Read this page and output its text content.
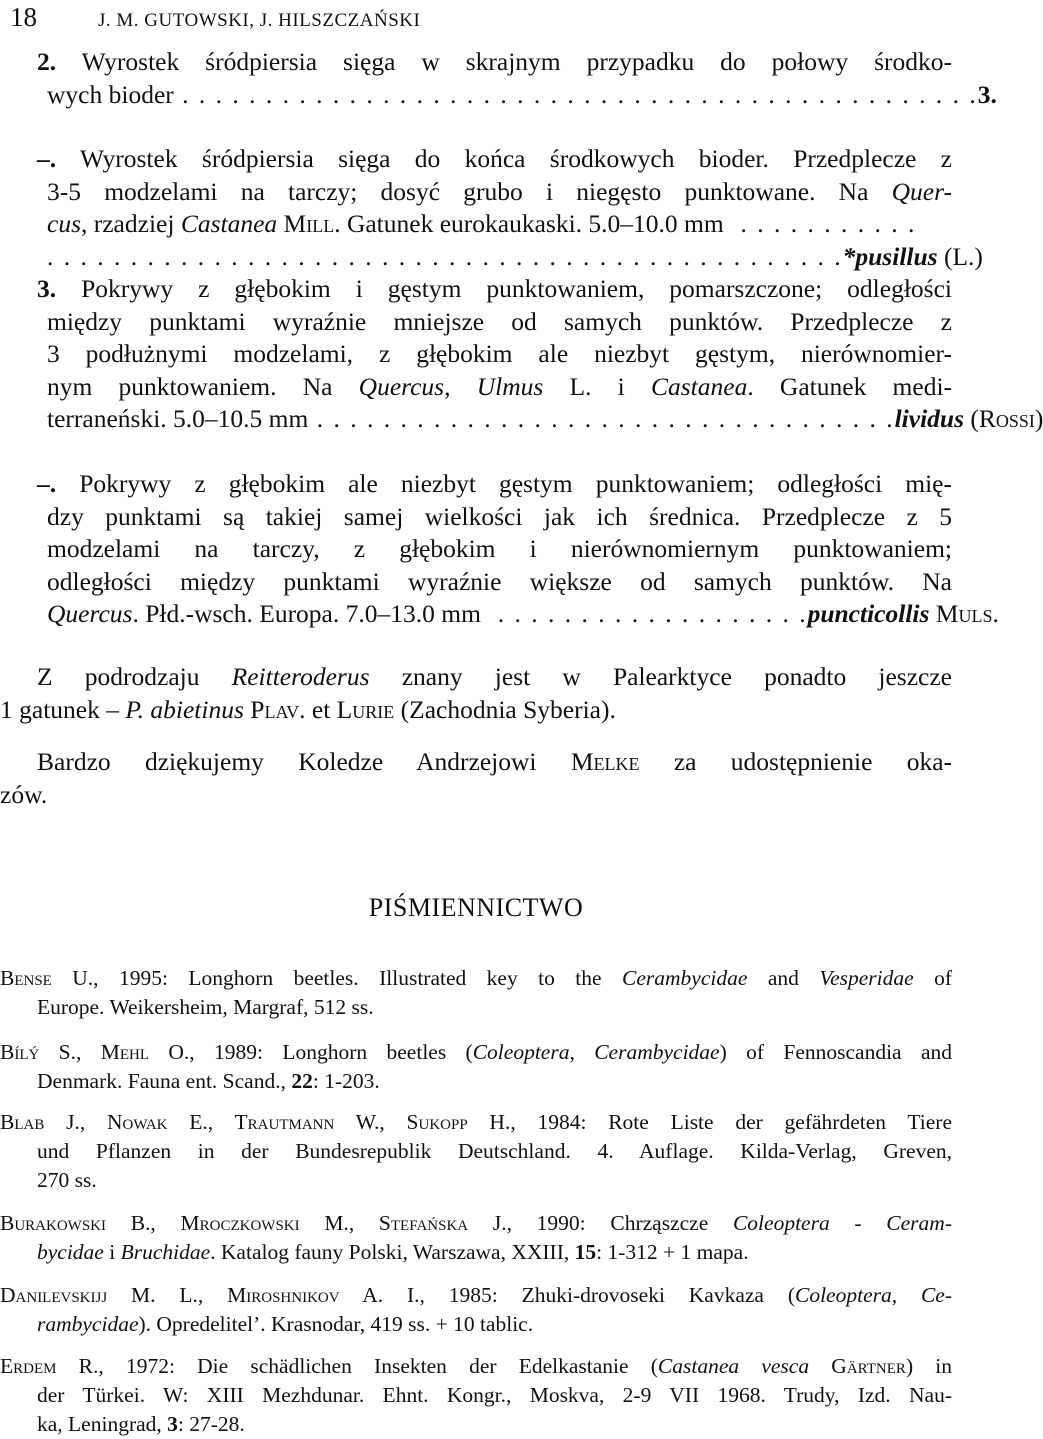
18	J. M. GUTOWSKI, J. HILSZCZAŃSKI
2. Wyrostek śródpiersia sięga w skrajnym przypadku do połowy środko-
wych bioder . . . . . . . . . . . . . . . . . . . . . . . . . . . . . . . . . . . . . . . . . . . . . . . . 3.
–. Wyrostek śródpiersia sięga do końca środkowych bioder. Przedplecze z
3-5 modzelami na tarczy; dosyć grubo i niegęsto punktowane. Na Quer-
cus , rzadziej
Castanea
Mill . Gatunek eurokaukaski. 5.0–10.0 mm . . . . . . . . . . .
. . . . . . . . . . . . . . . . . . . . . . . . . . . . . . . . . . . . . . . . . . . . . . . . *pusillus
(L.)
3. Pokrywy z głębokim i gęstym punktowaniem, pomarszczone; odległości
między punktami wyraźnie mniejsze od samych punktów. Przedplecze z
3 podłużnymi modzelami, z głębokim ale niezbyt gęstym, nierównomier-
nym punktowaniem. Na Quercus, Ulmus L. i Castanea. Gatunek medi-
terraneński. 5.0–10.5 mm . . . . . . . . . . . . . . . . . . . . . . . . . . . . . . . . . . . lividus
( Rossi )
–. Pokrywy z głębokim ale niezbyt gęstym punktowaniem; odległości mię-
dzy punktami są takiej samej wielkości jak ich średnica. Przedplecze z 5
modzelami na tarczy, z głębokim i nierównomiernym punktowaniem;
odległości między punktami wyraźnie większe od samych punktów. Na
Quercus . Płd.-wsch. Europa. 7.0–13.0 mm . . . . . . . . . . . . . . . . . . . puncticollis
Muls .
Z podrodzaju Reitteroderus znany jest w Palearktyce ponadto jeszcze
1 gatunek – P. abietinus Plav. et Lurie (Zachodnia Syberia).
Bardzo dziękujemy Koledze Andrzejowi Melke za udostępnienie oka-
zów.
PIŚMIENNICTWO
Bense U., 1995: Longhorn beetles. Illustrated key to the Cerambycidae and Vesperidae of
Europe. Weikersheim, Margraf, 512 ss.
Bílý S., Mehl O., 1989: Longhorn beetles (Coleoptera, Cerambycidae) of Fennoscandia and
Denmark. Fauna ent. Scand., 22: 1-203.
Blab J., Nowak E., Trautmann W., Sukopp H., 1984: Rote Liste der gefährdeten Tiere
und Pflanzen in der Bundesrepublik Deutschland. 4. Auflage. Kilda-Verlag, Greven,
270 ss.
Burakowski B., Mroczkowski M., Stefańska J., 1990: Chrząszcze Coleoptera - Ceram-
bycidae i Bruchidae. Katalog fauny Polski, Warszawa, XXIII, 15: 1-312 + 1 mapa.
Danilevskijj M. L., Miroshnikov A. I., 1985: Zhuki-drovoseki Kavkaza (Coleoptera, Ce-
rambycidae). Opredelitel’. Krasnodar, 419 ss. + 10 tablic.
Erdem R., 1972: Die schädlichen Insekten der Edelkastanie (Castanea vesca Gärtner) in
der Türkei. W: XIII Mezhdunar. Ehnt. Kongr., Moskva, 2-9 VII 1968. Trudy, Izd. Nau-
ka, Leningrad, 3: 27-28.
